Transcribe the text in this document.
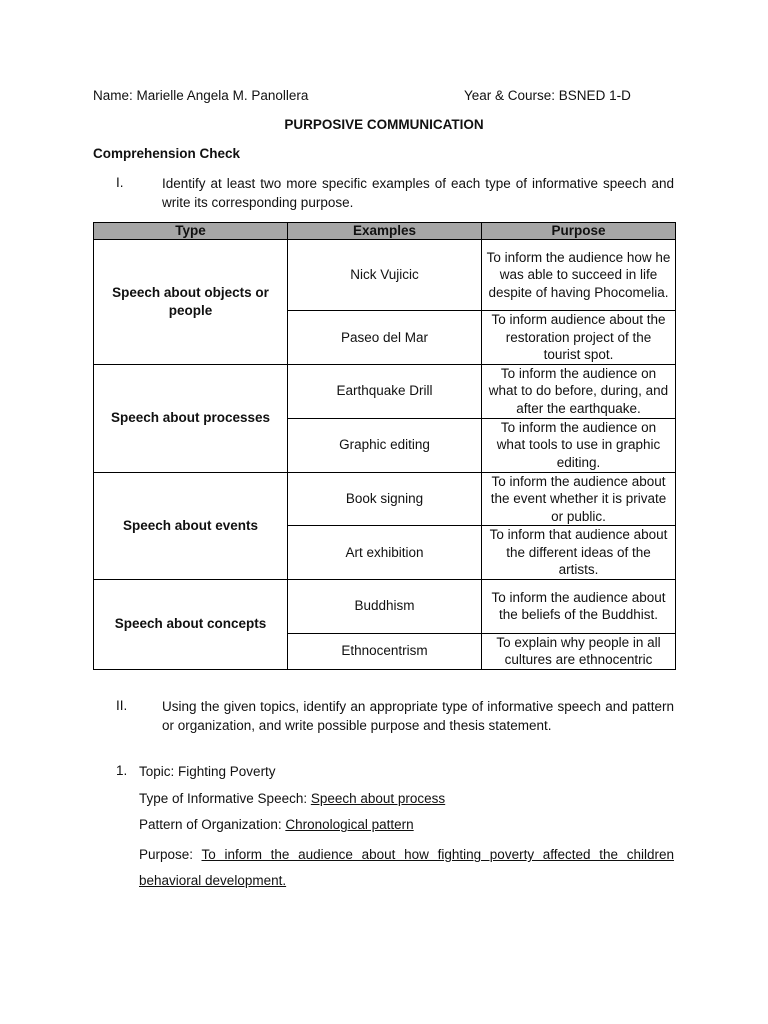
Name: Marielle Angela M. Panollera	Year & Course: BSNED 1-D
PURPOSIVE COMMUNICATION
Comprehension Check
I.	Identify at least two more specific examples of each type of informative speech and write its corresponding purpose.
Type	Examples	Purpose
Speech about objects or people	Nick Vujicic	To inform the audience how he was able to succeed in life despite of having Phocomelia.
	Paseo del Mar	To inform audience about the restoration project of the tourist spot.
Speech about processes	Earthquake Drill	To inform the audience on what to do before, during, and after the earthquake.
	Graphic editing	To inform the audience on what tools to use in graphic editing.
Speech about events	Book signing	To inform the audience about the event whether it is private or public.
	Art exhibition	To inform that audience about the different ideas of the artists.
Speech about concepts	Buddhism	To inform the audience about the beliefs of the Buddhist.
	Ethnocentrism	To explain why people in all cultures are ethnocentric
II.	Using the given topics, identify an appropriate type of informative speech and pattern or organization, and write possible purpose and thesis statement.
1. Topic: Fighting Poverty
Type of Informative Speech: Speech about process
Pattern of Organization: Chronological pattern
Purpose: To inform the audience about how fighting poverty affected the children behavioral development.
